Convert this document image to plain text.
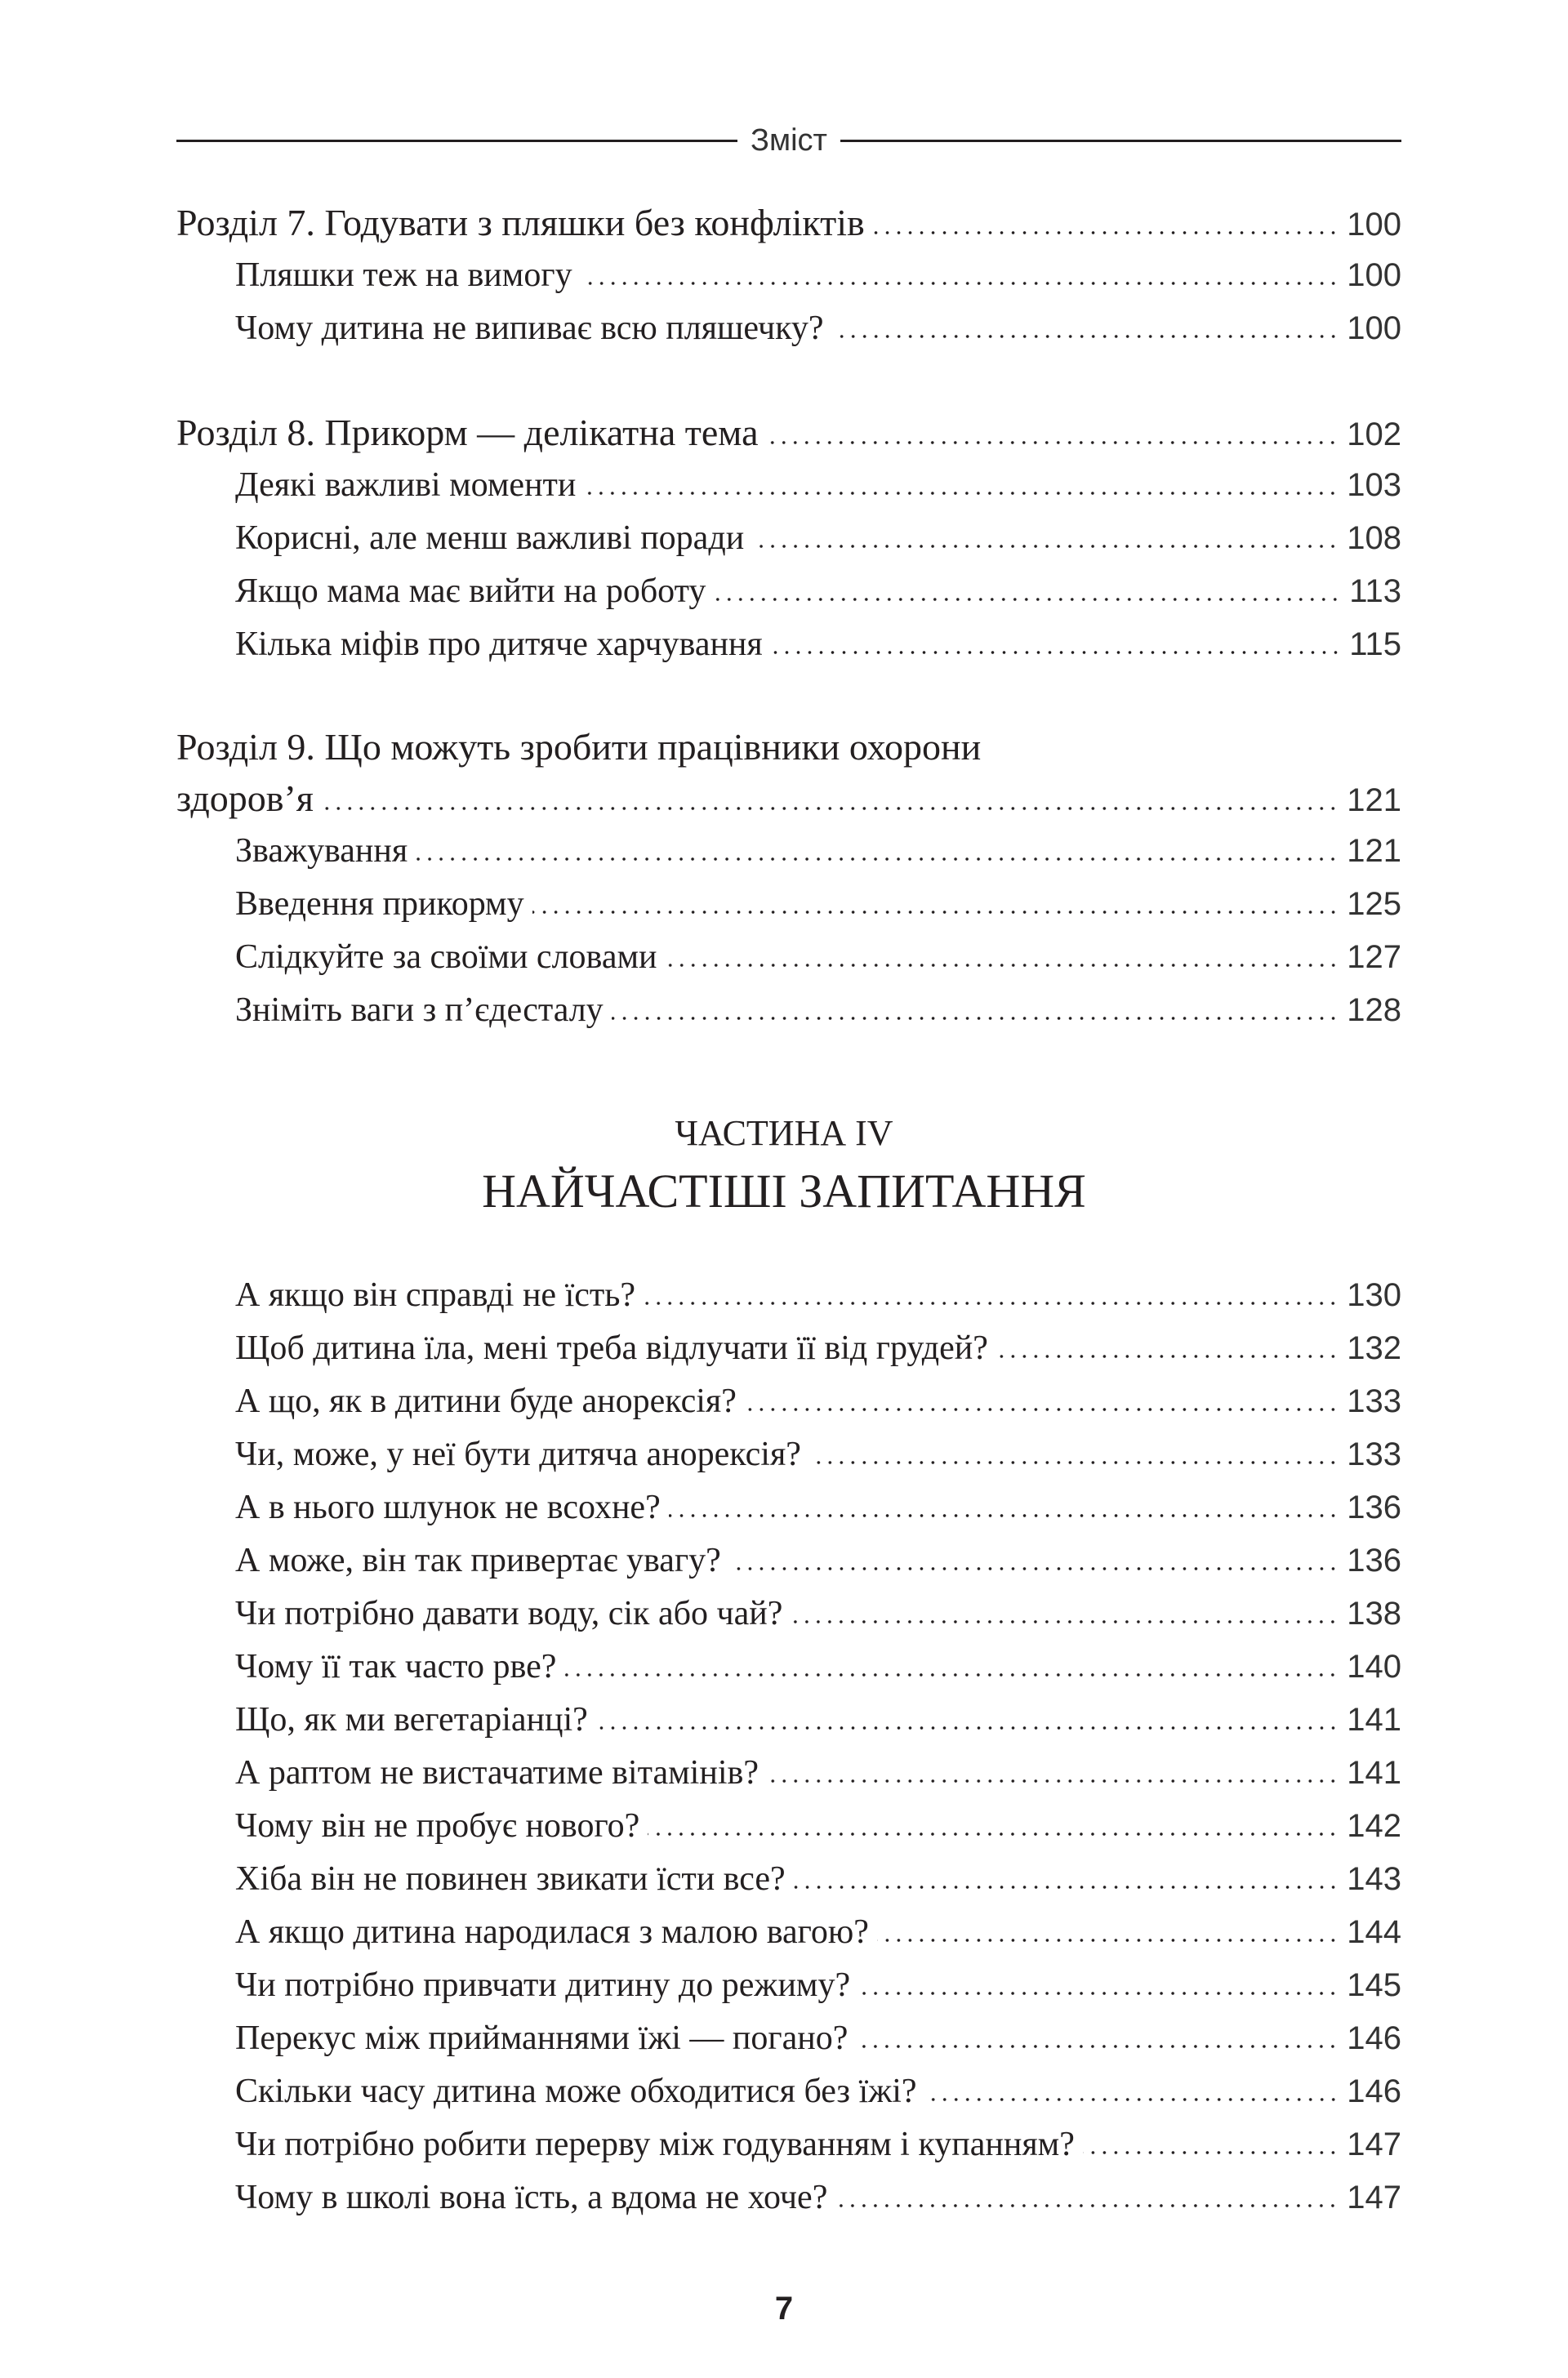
Зміст
Розділ 7. Годувати з пляшки без конфліктів	100
Пляшки теж на вимогу	100
Чому дитина не випиває всю пляшечку?	100
Розділ 8. Прикорм — делікатна тема	102
Деякі важливі моменти	103
Корисні, але менш важливі поради	108
Якщо мама має вийти на роботу	113
Кілька міфів про дитяче харчування	115
Розділ 9. Що можуть зробити працівники охорони
здоров’я	121
Зважування	121
Введення прикорму	125
Слідкуйте за своїми словами	127
Зніміть ваги з п’єдесталу	128
ЧАСТИНА IV
НАЙЧАСТІШІ ЗАПИТАННЯ
А якщо він справді не їсть?	130
Щоб дитина їла, мені треба відлучати її від грудей?	132
А що, як в дитини буде анорексія?	133
Чи, може, у неї бути дитяча анорексія?	133
А в нього шлунок не всохне?	136
А може, він так привертає увагу?	136
Чи потрібно давати воду, сік або чай?	138
Чому її так часто рве?	140
Що, як ми вегетаріанці?	141
А раптом не вистачатиме вітамінів?	141
Чому він не пробує нового?	142
Хіба він не повинен звикати їсти все?	143
А якщо дитина народилася з малою вагою?	144
Чи потрібно привчати дитину до режиму?	145
Перекус між прийманнями їжі — погано?	146
Скільки часу дитина може обходитися без їжі?	146
Чи потрібно робити перерву між годуванням і купанням?	147
Чому в школі вона їсть, а вдома не хоче?	147
7
